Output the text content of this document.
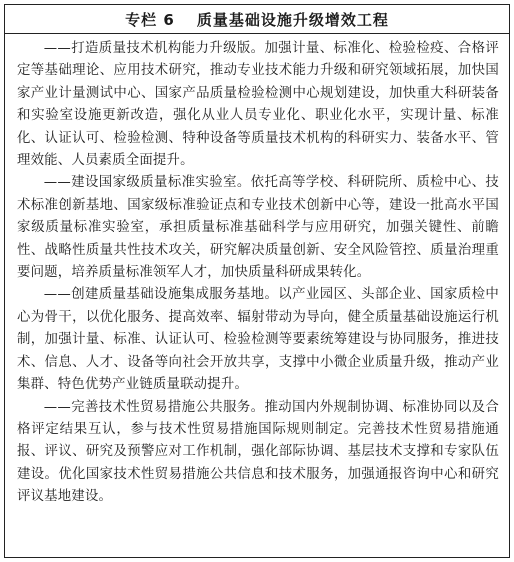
专栏 6 质量基础设施升级增效工程

——打造质量技术机构能力升级版。加强计量、标准化、检验检疫、合格评定等基础理论、应用技术研究，推动专业技术能力升级和研究领域拓展，加快国家产业计量测试中心、国家产品质量检验检测中心规划建设，加快重大科研装备和实验室设施更新改造，强化从业人员专业化、职业化水平，实现计量、标准化、认证认可、检验检测、特种设备等质量技术机构的科研实力、装备水平、管理效能、人员素质全面提升。

——建设国家级质量标准实验室。依托高等学校、科研院所、质检中心、技术标准创新基地、国家级标准验证点和专业技术创新中心等，建设一批高水平国家级质量标准实验室，承担质量标准基础科学与应用研究，加强关键性、前瞻性、战略性质量共性技术攻关，研究解决质量创新、安全风险管控、质量治理重要问题，培养质量标准领军人才，加快质量科研成果转化。

——创建质量基础设施集成服务基地。以产业园区、头部企业、国家质检中心为骨干，以优化服务、提高效率、辐射带动为导向，健全质量基础设施运行机制，加强计量、标准、认证认可、检验检测等要素统筹建设与协同服务，推进技术、信息、人才、设备等向社会开放共享，支撑中小微企业质量升级，推动产业集群、特色优势产业链质量联动提升。

——完善技术性贸易措施公共服务。推动国内外规制协调、标准协同以及合格评定结果互认，参与技术性贸易措施国际规则制定。完善技术性贸易措施通报、评议、研究及预警应对工作机制，强化部际协调、基层技术支撑和专家队伍建设。优化国家技术性贸易措施公共信息和技术服务，加强通报咨询中心和研究评议基地建设。
